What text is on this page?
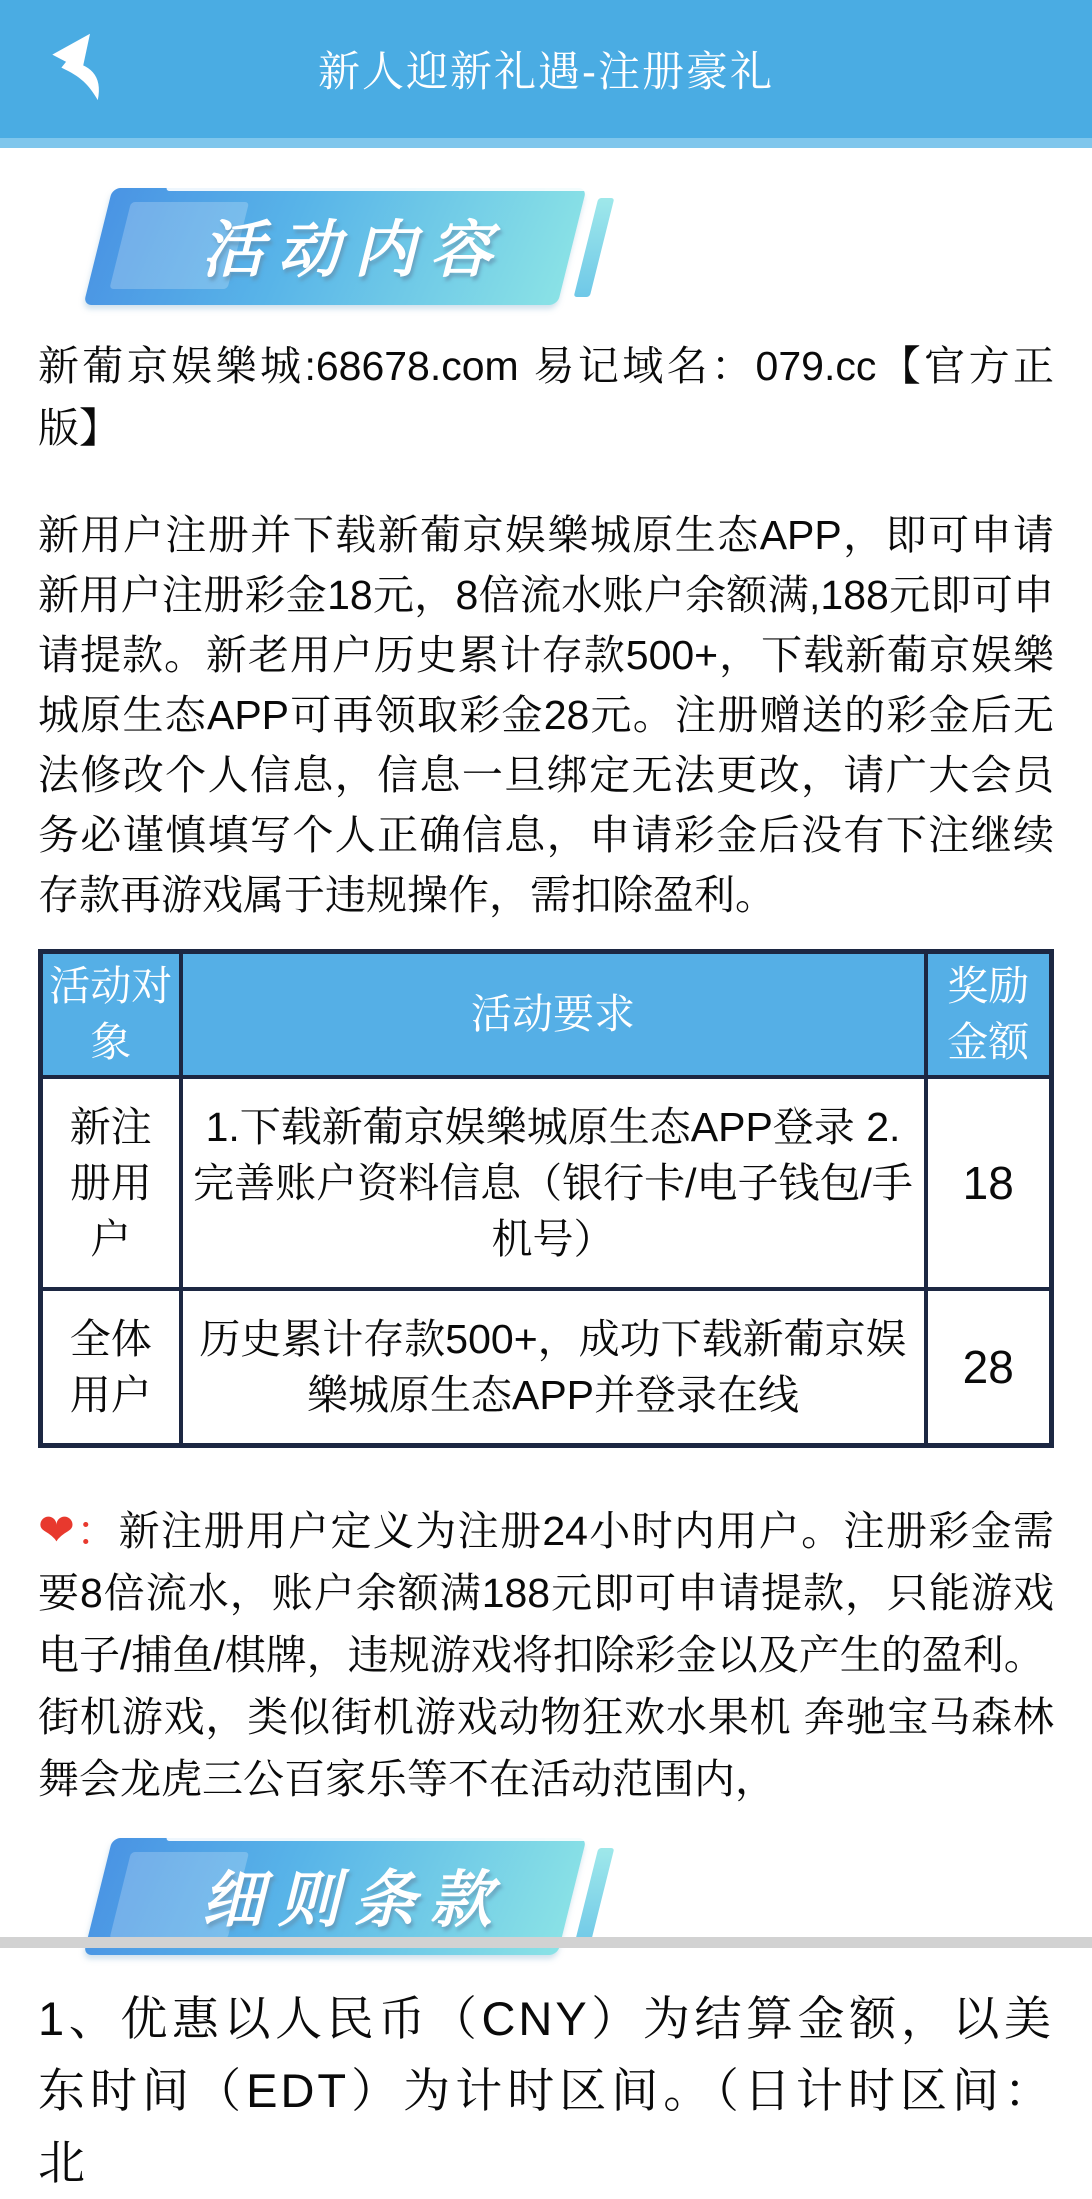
新人迎新礼遇-注册豪礼
活动内容
新葡京娱樂城:68678.com 易记域名：079.cc【官方正版】
新用户注册并下载新葡京娱樂城原生态APP，即可申请新用户注册彩金18元，8倍流水账户余额满,188元即可申请提款。新老用户历史累计存款500+，下载新葡京娱樂城原生态APP可再领取彩金28元。注册赠送的彩金后无法修改个人信息，信息一旦绑定无法更改，请广大会员务必谨慎填写个人正确信息，申请彩金后没有下注继续存款再游戏属于违规操作，需扣除盈利。
活动对象	活动要求	奖励金额
新注册用户	1.下载新葡京娱樂城原生态APP登录 2.完善账户资料信息（银行卡/电子钱包/手机号）	18
全体用户	历史累计存款500+，成功下载新葡京娱樂城原生态APP并登录在线	28
❤：新注册用户定义为注册24小时内用户。注册彩金需要8倍流水，账户余额满188元即可申请提款，只能游戏电子/捕鱼/棋牌，违规游戏将扣除彩金以及产生的盈利。
街机游戏，类似街机游戏动物狂欢水果机 奔驰宝马森林舞会龙虎三公百家乐等不在活动范围内，
细则条款
1、优惠以人民币（CNY）为结算金额，以美东时间（EDT）为计时区间。（日计时区间：北
